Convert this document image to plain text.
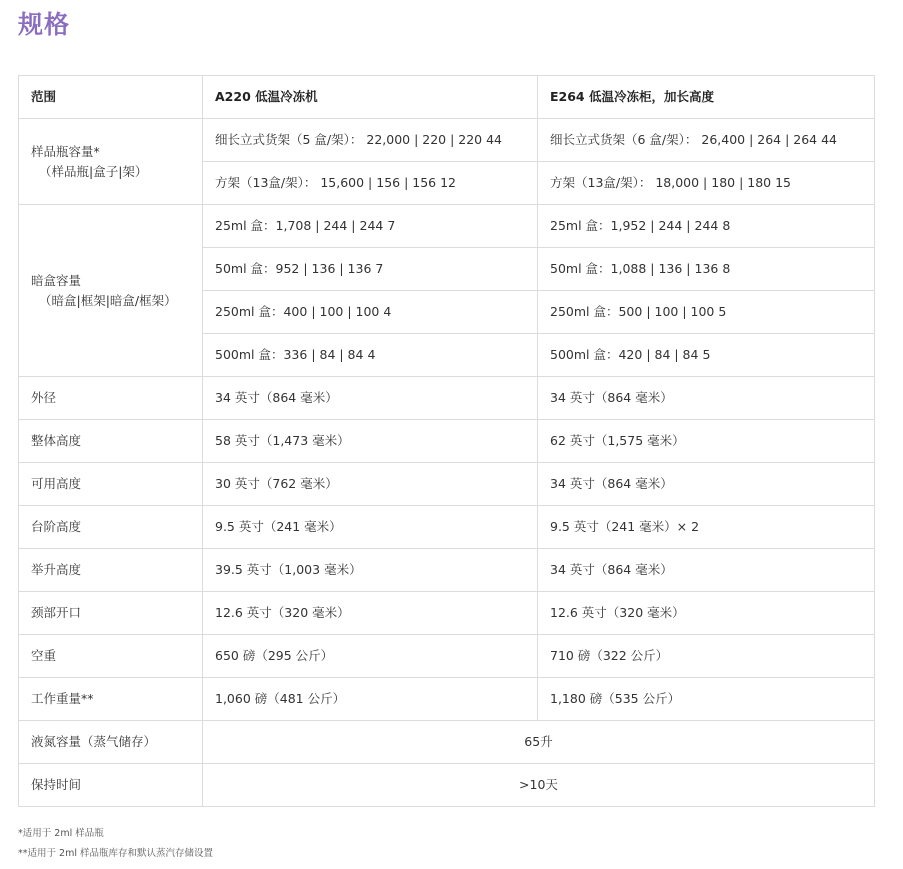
规格
范围	A220 低温冷冻机	E264 低温冷冻柜，加长高度
样品瓶容量*

（样品瓶|盒子|架）	细长立式货架（5 盒/架）： 22,000 | 220 | 220 44	细长立式货架（6 盒/架）： 26,400 | 264 | 264 44
	方架（13盒/架）： 15,600 | 156 | 156 12	方架（13盒/架）： 18,000 | 180 | 180 15
暗盒容量

（暗盒|框架|暗盒/框架）	25ml 盒：1,708 | 244 | 244 7	25ml 盒：1,952 | 244 | 244 8
	50ml 盒：952 | 136 | 136 7	50ml 盒：1,088 | 136 | 136 8
	250ml 盒：400 | 100 | 100 4	250ml 盒：500 | 100 | 100 5
	500ml 盒：336 | 84 | 84 4	500ml 盒：420 | 84 | 84 5
外径	34 英寸（864 毫米）	34 英寸（864 毫米）
整体高度	58 英寸（1,473 毫米）	62 英寸（1,575 毫米）
可用高度	30 英寸（762 毫米）	34 英寸（864 毫米）
台阶高度	9.5 英寸（241 毫米）	9.5 英寸（241 毫米）× 2
举升高度	39.5 英寸（1,003 毫米）	34 英寸（864 毫米）
颈部开口	12.6 英寸（320 毫米）	12.6 英寸（320 毫米）
空重	650 磅（295 公斤）	710 磅（322 公斤）
工作重量**	1,060 磅（481 公斤）	1,180 磅（535 公斤）
液氮容量（蒸气储存）	65升	
保持时间	>10天	
*适用于 2ml 样品瓶
**适用于 2ml 样品瓶库存和默认蒸汽存储设置
